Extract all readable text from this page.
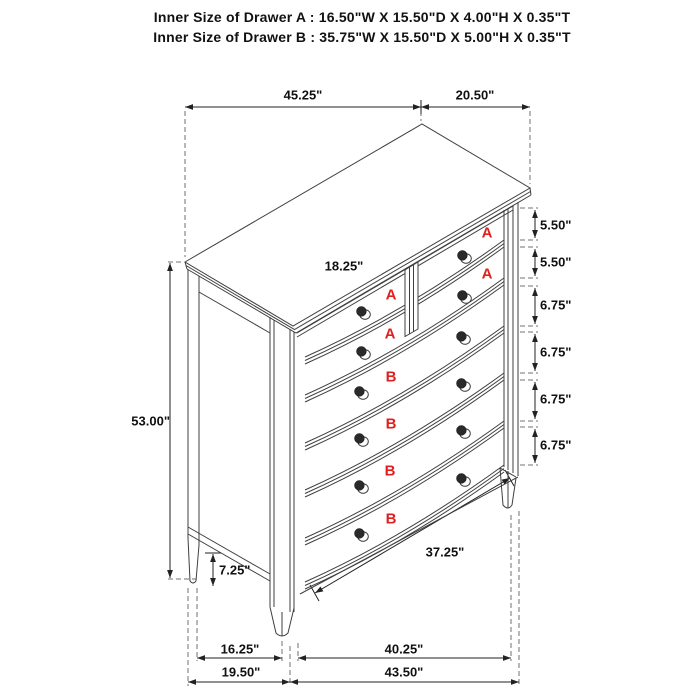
Inner Size of Drawer A : 16.50"W X 15.50"D X 4.00"H X 0.35"T
Inner Size of Drawer B : 35.75"W X 15.50"D X 5.00"H X 0.35"T
45.25"	20.50"
5.50"
5.50"
6.75"
6.75"
6.75"
6.75"
53.00"
18.25"
7.25"
37.25"
16.25"	40.25"
19.50"	43.50"
A
A
A
A
B
B
B
B
